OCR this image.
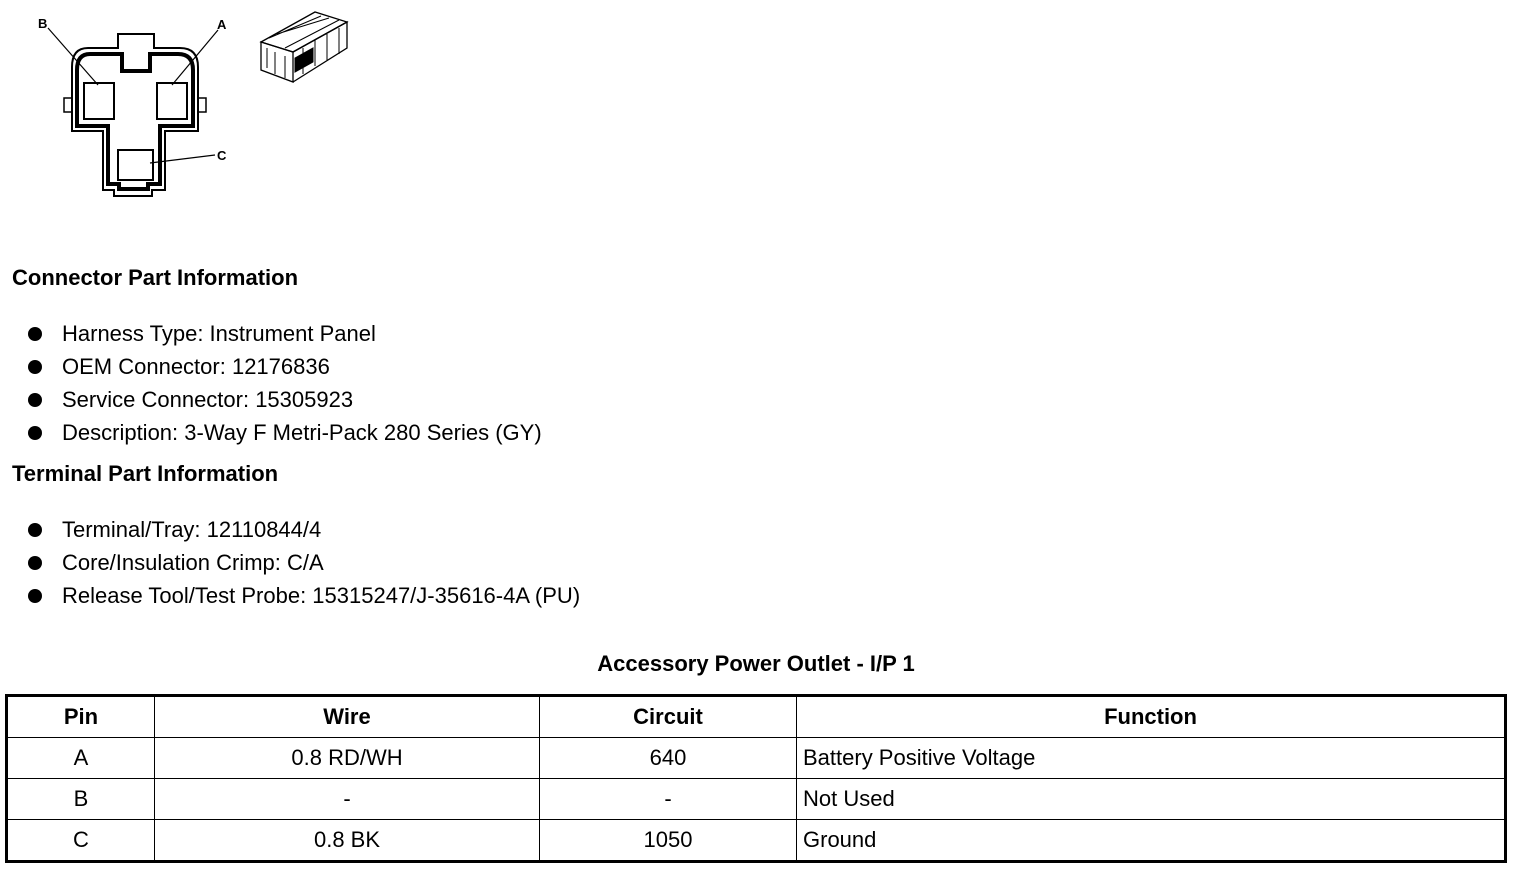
B	A
C
Connector Part Information
Harness Type: Instrument Panel
OEM Connector: 12176836
Service Connector: 15305923
Description: 3-Way F Metri-Pack 280 Series (GY)
Terminal Part Information
Terminal/Tray: 12110844/4
Core/Insulation Crimp: C/A
Release Tool/Test Probe: 15315247/J-35616-4A (PU)
Accessory Power Outlet - I/P 1
Pin	Wire	Circuit	Function
A	0.8 RD/WH	640	Battery Positive Voltage
B	-	-	Not Used
C	0.8 BK	1050	Ground
